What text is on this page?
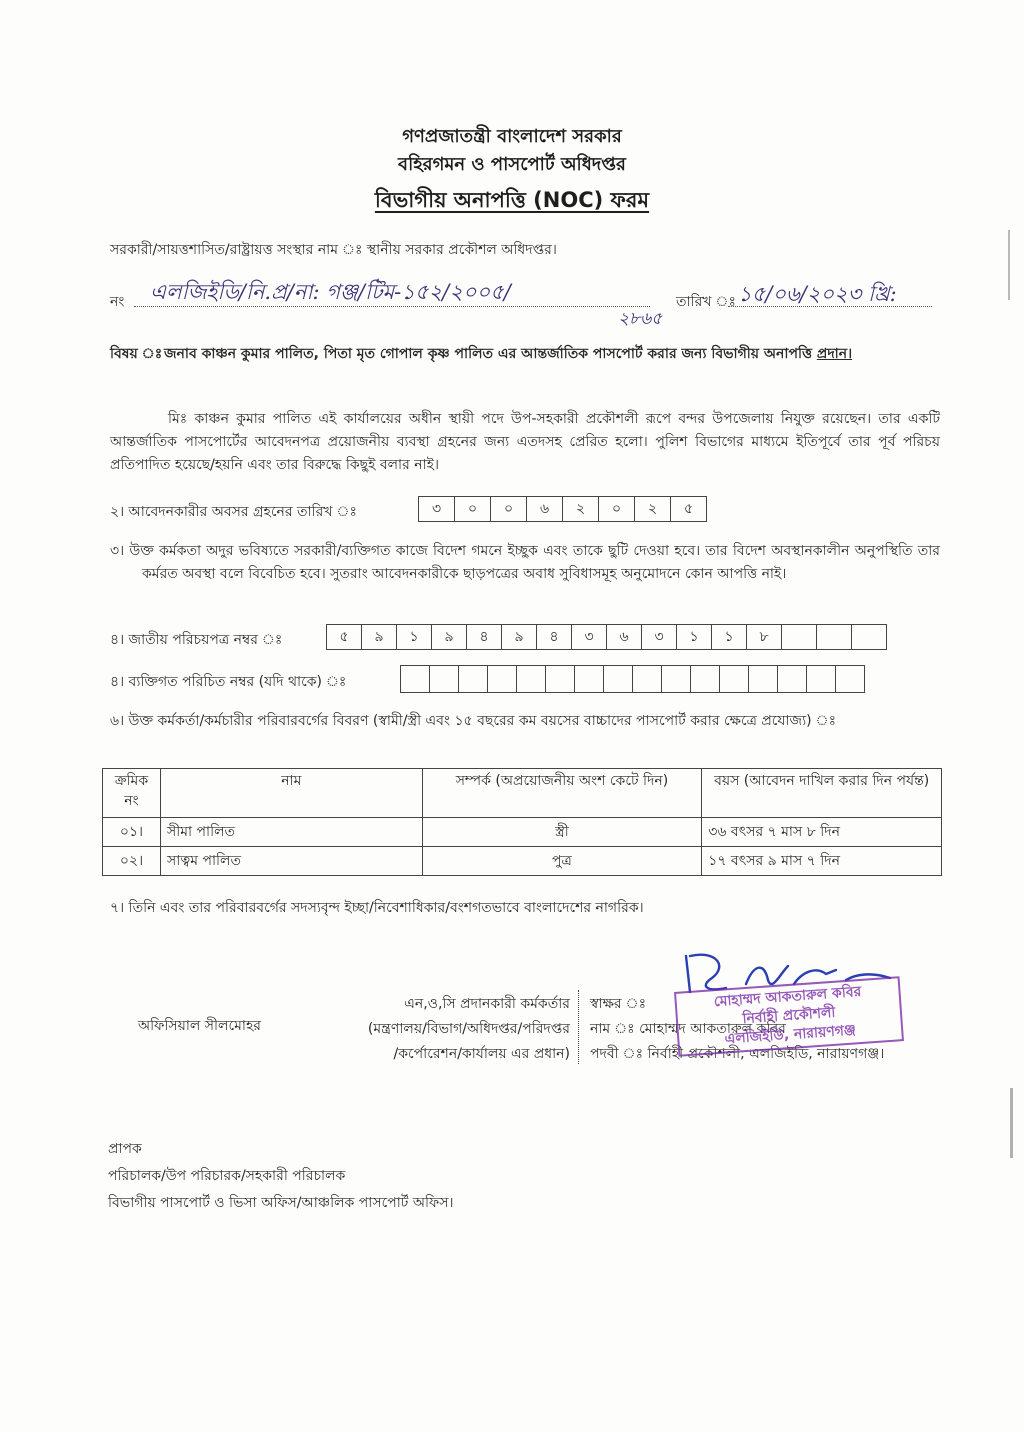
গণপ্রজাতন্ত্রী বাংলাদেশ সরকার
বহিরগমন ও পাসপোর্ট অধিদপ্তর
বিভাগীয় অনাপত্তি (NOC) ফরম
সরকারী/সায়ত্তশাসিত/রাষ্ট্রায়ত্ত সংস্থার নাম ঃ স্থানীয় সরকার প্রকৌশল অধিদপ্তর।
নং এলজিইডি/নি.প্র/না: গঞ্জ/টিম-১৫২/২০০৫/
২৮৬৫
তারিখ ঃ ১৫/০৬/২০২৩ খ্রি:
বিষয় ঃ জনাব কাঞ্চন কুমার পালিত, পিতা মৃত গোপাল কৃষ্ণ পালিত এর আন্তর্জাতিক পাসপোর্ট করার জন্য বিভাগীয় অনাপত্তি প্রদান।
মিঃ কাঞ্চন কুমার পালিত এই কার্যালয়ের অধীন স্থায়ী পদে উপ-সহকারী প্রকৌশলী রূপে বন্দর উপজেলায় নিযুক্ত রয়েছেন। তার একটি আন্তর্জাতিক পাসপোর্টের আবেদনপত্র প্রয়োজনীয় ব্যবস্থা গ্রহনের জন্য এতদসহ প্রেরিত হলো। পুলিশ বিভাগের মাধ্যমে ইতিপূর্বে তার পূর্ব পরিচয় প্রতিপাদিত হয়েছে/হয়নি এবং তার বিরুদ্ধে কিছুই বলার নাই।
২। আবেদনকারীর অবসর গ্রহনের তারিখ ঃ	৩	০	০	৬	২	০	২	৫
৩। উক্ত কর্মকতা অদুর ভবিষ্যতে সরকারী/ব্যক্তিগত কাজে বিদেশ গমনে ইচ্ছুক এবং তাকে ছুটি দেওয়া হবে। তার বিদেশ অবস্থানকালীন অনুপস্থিতি তার কর্মরত অবস্থা বলে বিবেচিত হবে। সুতরাং আবেদনকারীকে ছাড়পত্রের অবাধ সুবিধাসমূহ অনুমোদনে কোন আপত্তি নাই।
৪। জাতীয় পরিচয়পত্র নম্বর ঃ	৫	৯	১	৯	৪	৯	৪	৩	৬	৩	১	১	৮
৪। ব্যক্তিগত পরিচিত নম্বর (যদি থাকে) ঃ
৬। উক্ত কর্মকর্তা/কর্মচারীর পরিবারবর্গের বিবরণ (স্বামী/স্ত্রী এবং ১৫ বছরের কম বয়সের বাচ্চাদের পাসপোর্ট করার ক্ষেত্রে প্রযোজ্য) ঃ
ক্রমিক নং	নাম	সম্পর্ক (অপ্রয়োজনীয় অংশ কেটে দিন)	বয়স (আবেদন দাখিল করার দিন পর্যন্ত)
০১।	সীমা পালিত	স্ত্রী	৩৬ বৎসর ৭ মাস ৮ দিন
০২।	সাত্বম পালিত	পুত্র	১৭ বৎসর ৯ মাস ৭ দিন
৭। তিনি এবং তার পরিবারবর্গের সদস্যবৃন্দ ইচ্ছা/নিবেশাধিকার/বংশগতভাবে বাংলাদেশের নাগরিক।
অফিসিয়াল সীলমোহর
এন,ও,সি প্রদানকারী কর্মকর্তার
(মন্ত্রণালয়/বিভাগ/অধিদপ্তর/পরিদপ্তর
/কর্পোরেশন/কার্যালয় এর প্রধান)
স্বাক্ষর ঃ
নাম ঃ মোহাম্মদ আকতারুল কবির
পদবী ঃ নির্বাহী প্রকৌশলী, এলজিইডি, নারায়ণগঞ্জ।
মোহাম্মদ আকতারুল কবির
নির্বাহী প্রকৌশলী
এলজিইডি, নারায়ণগঞ্জ
প্রাপক
পরিচালক/উপ পরিচারক/সহকারী পরিচালক
বিভাগীয় পাসপোর্ট ও ভিসা অফিস/আঞ্চলিক পাসপোর্ট অফিস।
